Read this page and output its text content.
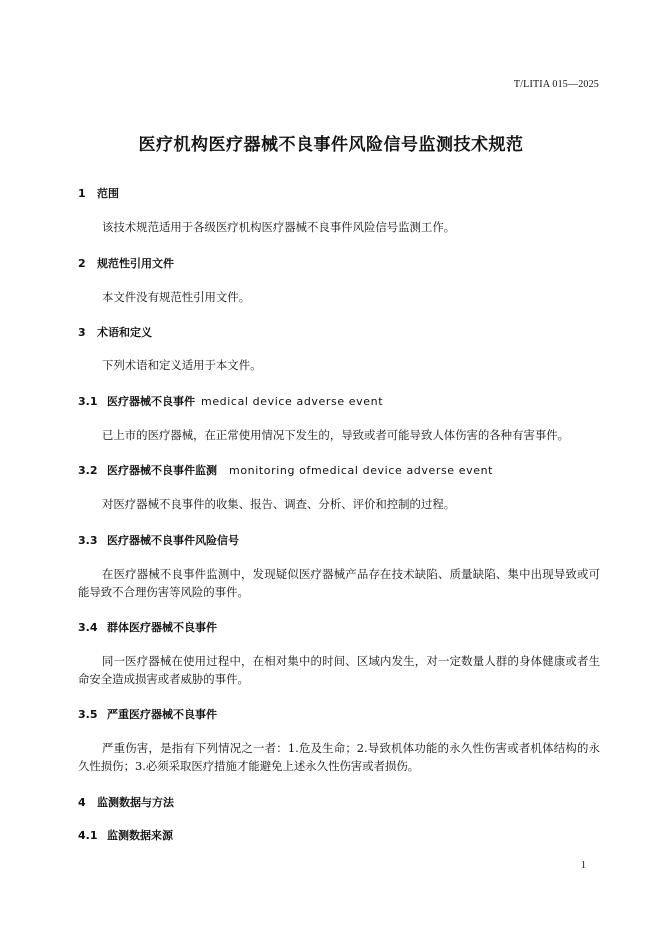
T/LITIA 015—2025
医疗机构医疗器械不良事件风险信号监测技术规范
1 范围

该技术规范适用于各级医疗机构医疗器械不良事件风险信号监测工作。

2 规范性引用文件

本文件没有规范性引用文件。

3 术语和定义

下列术语和定义适用于本文件。

3.1 医疗器械不良事件 medical device adverse event

已上市的医疗器械，在正常使用情况下发生的，导致或者可能导致人体伤害的各种有害事件。

3.2 医疗器械不良事件监测 monitoring ofmedical device adverse event

对医疗器械不良事件的收集、报告、调查、分析、评价和控制的过程。

3.3 医疗器械不良事件风险信号

在医疗器械不良事件监测中，发现疑似医疗器械产品存在技术缺陷、质量缺陷、集中出现导致或可能导致不合理伤害等风险的事件。

3.4 群体医疗器械不良事件

同一医疗器械在使用过程中，在相对集中的时间、区域内发生，对一定数量人群的身体健康或者生命安全造成损害或者威胁的事件。

3.5 严重医疗器械不良事件

严重伤害，是指有下列情况之一者：1.危及生命；2.导致机体功能的永久性伤害或者机体结构的永久性损伤；3.必须采取医疗措施才能避免上述永久性伤害或者损伤。

4 监测数据与方法
4.1 监测数据来源
1
